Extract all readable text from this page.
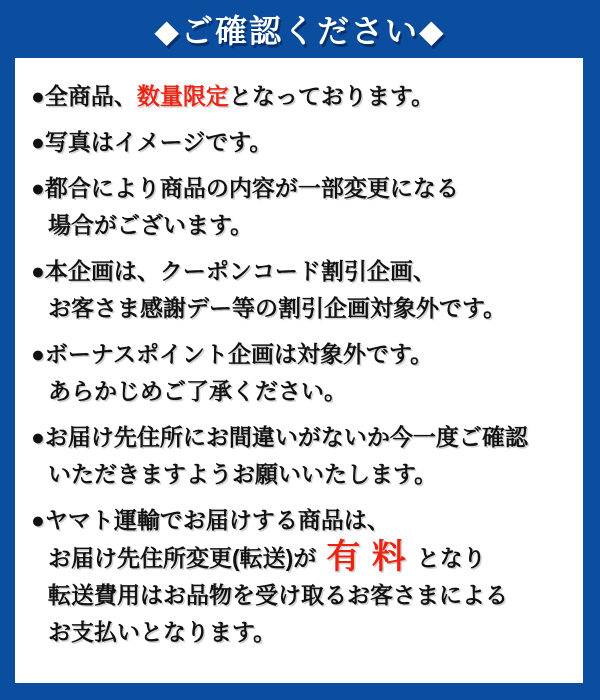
◆ご確認ください◆

●全商品、数量限定となっております。

●写真はイメージです。

●都合により商品の内容が一部変更になる
場合がございます。

●本企画は、クーポンコード割引企画、
お客さま感謝デー等の割引企画対象外です。

●ボーナスポイント企画は対象外です。
あらかじめご了承ください。

●お届け先住所にお間違いがないか今一度ご確認
いただきますようお願いいたします。

●ヤマト運輸でお届けする商品は、
お届け先住所変更(転送)が 有 料 となり
転送費用はお品物を受け取るお客さまによる
お支払いとなります。
